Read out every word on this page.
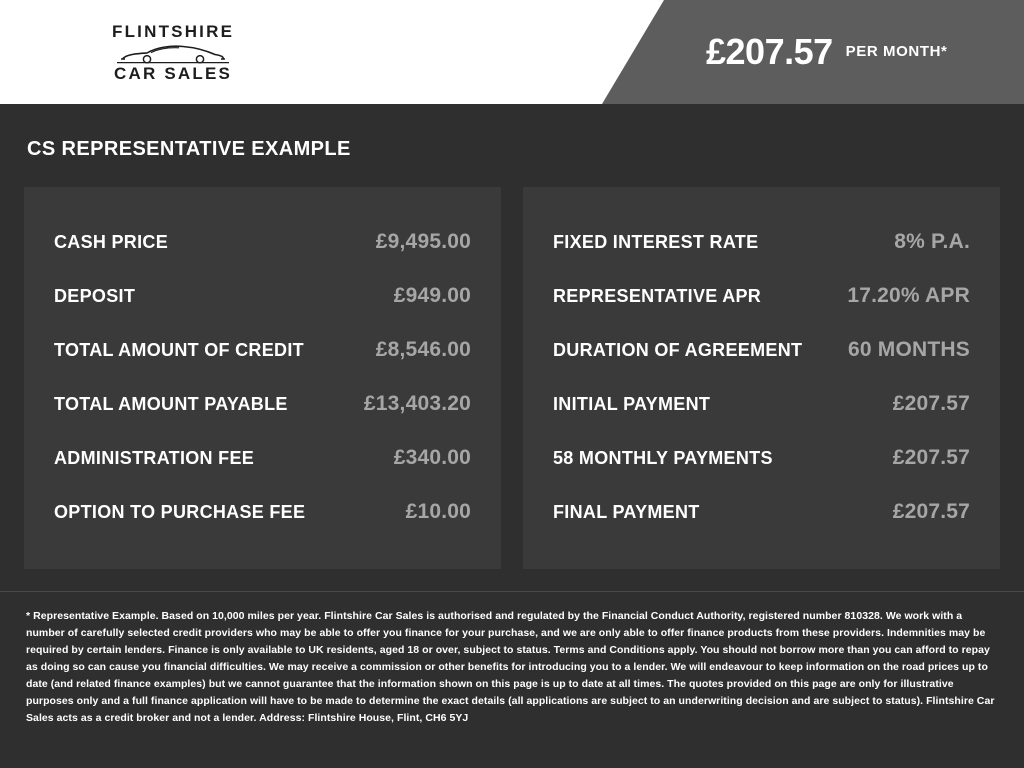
FLINTSHIRE
CAR SALES
£207.57 PER MONTH*
CS REPRESENTATIVE EXAMPLE
CASH PRICE	£9,495.00
DEPOSIT	£949.00
TOTAL AMOUNT OF CREDIT	£8,546.00
TOTAL AMOUNT PAYABLE	£13,403.20
ADMINISTRATION FEE	£340.00
OPTION TO PURCHASE FEE	£10.00
FIXED INTEREST RATE	8% P.A.
REPRESENTATIVE APR	17.20% APR
DURATION OF AGREEMENT 60 MONTHS
INITIAL PAYMENT	£207.57
58 MONTHLY PAYMENTS	£207.57
FINAL PAYMENT	£207.57

* Representative Example. Based on 10,000 miles per year. Flintshire Car Sales is authorised and regulated by the Financial Conduct Authority, registered number 810328. We work with a number of carefully selected credit providers who may be able to offer you finance for your purchase, and we are only able to offer finance products from these providers. Indemnities may be required by certain lenders. Finance is only available to UK residents, aged 18 or over, subject to status. Terms and Conditions apply. You should not borrow more than you can afford to repay as doing so can cause you financial difficulties. We may receive a commission or other benefits for introducing you to a lender. We will endeavour to keep information on the road prices up to date (and related finance examples) but we cannot guarantee that the information shown on this page is up to date at all times. The quotes provided on this page are only for illustrative purposes only and a full finance application will have to be made to determine the exact details (all applications are subject to an underwriting decision and are subject to status). Flintshire Car Sales acts as a credit broker and not a lender. Address: Flintshire House, Flint, CH6 5YJ
